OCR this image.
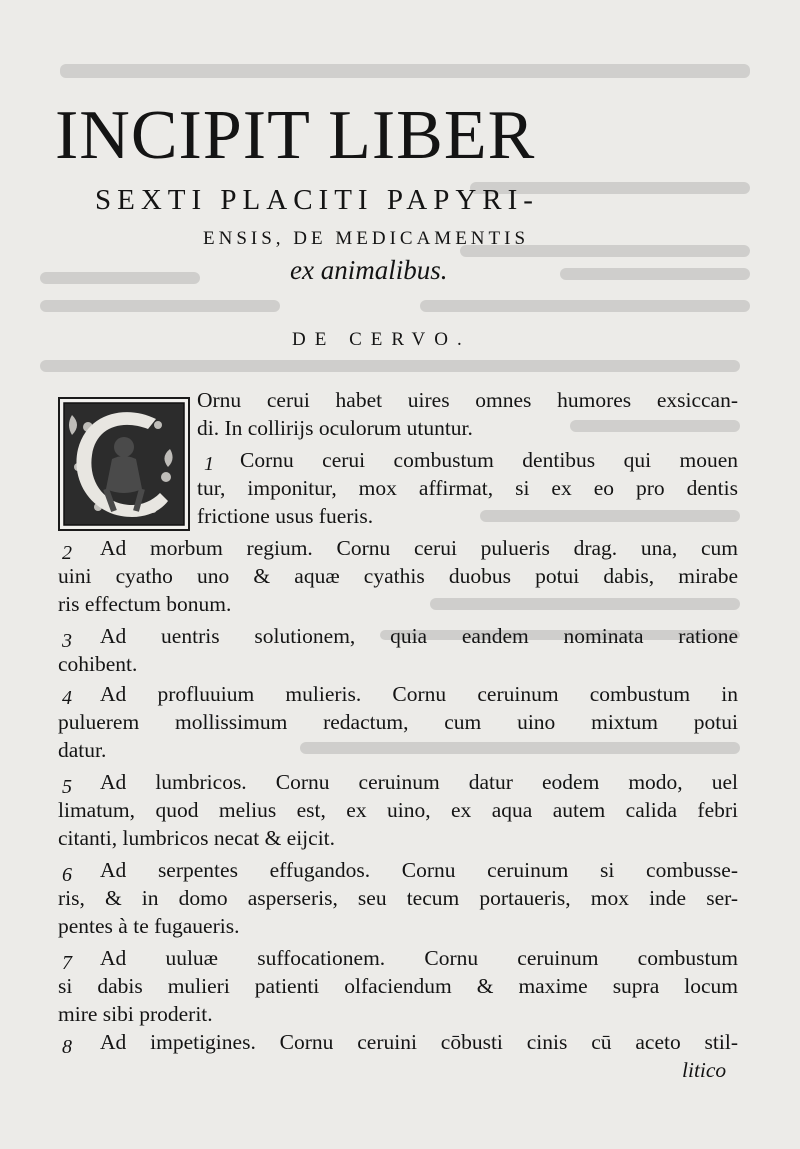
INCIPIT LIBER
SEXTI PLACITI PAPYRI-
ENSIS, DE MEDICAMENTIS
ex animalibus.
DE CERVO.
Ornu cerui habet uires omnes humores exsiccan-
di. In collirijs oculorum utuntur.
1 Cornu cerui combustum dentibus qui mouen
tur, imponitur, mox affirmat, si ex eo pro dentis
frictione usus fueris.
2 Ad morbum regium. Cornu cerui pulueris drag. una, cum
uini cyatho uno & aquæ cyathis duobus potui dabis, mirabe
ris effectum bonum.
3 Ad uentris solutionem, quia eandem nominata ratione
cohibent.
4 Ad profluuium mulieris. Cornu ceruinum combustum in
puluerem mollissimum redactum, cum uino mixtum potui
datur.
5 Ad lumbricos. Cornu ceruinum datur eodem modo, uel
limatum, quod melius est, ex uino, ex aqua autem calida febri
citanti, lumbricos necat & eijcit.
6 Ad serpentes effugandos. Cornu ceruinum si combusse-
ris, & in domo asperseris, seu tecum portaueris, mox inde ser-
pentes à te fugaueris.
7 Ad uuluæ suffocationem. Cornu ceruinum combustum
si dabis mulieri patienti olfaciendum & maxime supra locum
mire sibi proderit.
8 Ad impetigines. Cornu ceruini cōbusti cinis cū aceto stil-
litico
